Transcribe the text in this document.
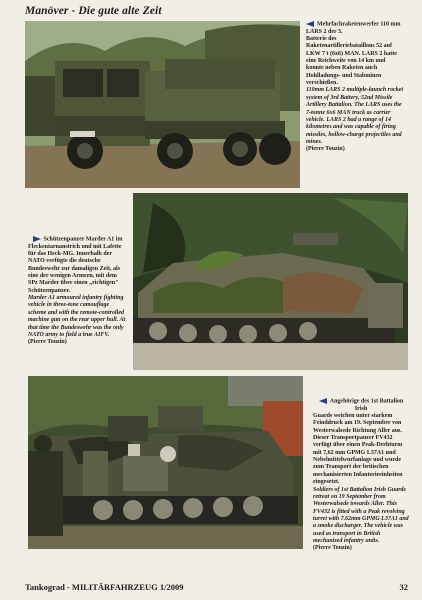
Manöver - Die gute alte Zeit

Mehrfachraketenwerfer 110 mm LARS 2 der 3.

Batterie des Raketenartilleriebataillons 52 auf LKW 7 t (6x6) MAN. LARS 2 hatte eine Reichweite von 14 km und konnte neben Raketen auch Hohlladungs- und Stabminen verschießen.

110mm LARS 2 multiple-launch rocket system of 3rd Battery, 52nd Missile Artillery Battalion. The LARS uses the 7-tonne 6x6 MAN truck as carrier vehicle. LARS 2 had a range of 14 kilometres and was capable of firing missiles, hollow-charge projectiles and mines.

(Pierre Touzin)

Schützenpanzer Marder A1 im

Fleckentarnanstrich und mit Lafette für das Heck-MG. Innerhalb der NATO verfügte die deutsche Bundeswehr zur damaligen Zeit, als eine der wenigen Armeen, mit dem SPz Marder über einen „richtigen" Schützenpanzer.

Marder A1 armoured infantry fighting vehicle in three-tone camouflage scheme and with the remote-controlled machine gun on the rear upper hull. At that time the Bundeswehr was the only NATO army to field a true AIFV.

(Pierre Touzin)

Angehörige des 1st Battalion Irish

Guards weichen unter starkem Feinddruck am 19. September von Westerwalsede Richtung Aller aus. Dieser Transportpanzer FV432 verfügt über einen Peak-Drehturm mit 7,62 mm GPMG L37A1 und Nebelmittelwurfanlage und wurde zum Transport der britischen mechanisierten Infanterieeinheiten eingesetzt.

Soldiers of 1st Battalion Irish Guards retreat on 19 September from Westerwalsede towards Aller. This FV432 is fitted with a Peak revolving turret with 7.62mm GPMG L37A1 and a smoke discharger. The vehicle was used as transport in British mechanized infantry units.

(Pierre Touzin)

Tankograd - MILITÄRFAHRZEUG 1/2009	32
